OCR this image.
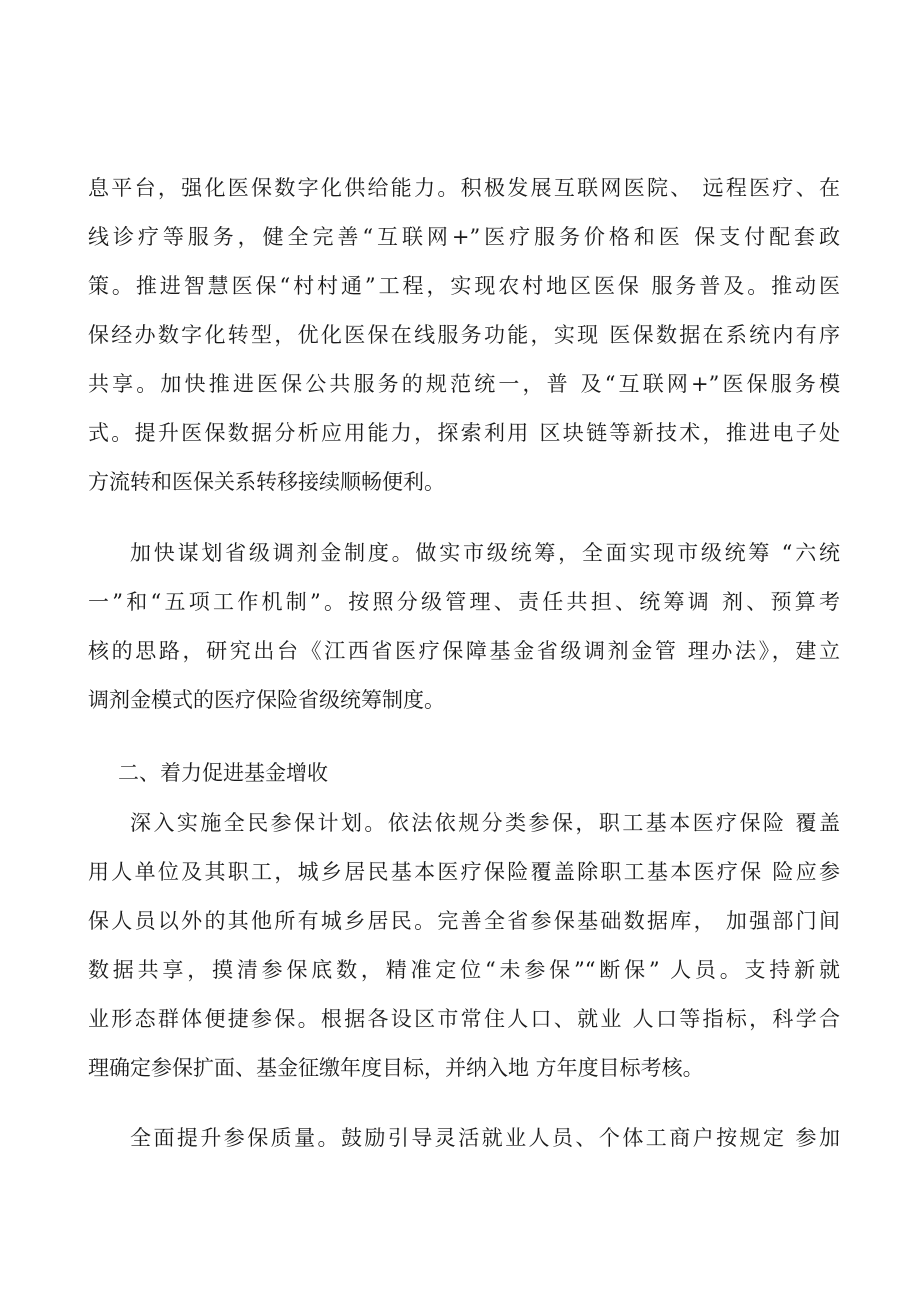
息平台，强化医保数字化供给能力。积极发展互联网医院、 远程医疗、在
线诊疗等服务，健全完善“互联网+”医疗服务价格和医 保支付配套政
策。推进智慧医保“村村通”工程，实现农村地区医保 服务普及。推动医
保经办数字化转型，优化医保在线服务功能，实现 医保数据在系统内有序
共享。加快推进医保公共服务的规范统一，普 及“互联网+”医保服务模
式。提升医保数据分析应用能力，探索利用 区块链等新技术，推进电子处
方流转和医保关系转移接续顺畅便利。
加快谋划省级调剂金制度。做实市级统筹，全面实现市级统筹 “六统
一”和“五项工作机制”。按照分级管理、责任共担、统筹调 剂、预算考
核的思路，研究出台《江西省医疗保障基金省级调剂金管 理办法》，建立
调剂金模式的医疗保险省级统筹制度。
二、着力促进基金增收
深入实施全民参保计划。依法依规分类参保，职工基本医疗保险 覆盖
用人单位及其职工，城乡居民基本医疗保险覆盖除职工基本医疗保 险应参
保人员以外的其他所有城乡居民。完善全省参保基础数据库， 加强部门间
数据共享，摸清参保底数，精准定位“未参保”“断保” 人员。支持新就
业形态群体便捷参保。根据各设区市常住人口、就业 人口等指标，科学合
理确定参保扩面、基金征缴年度目标，并纳入地 方年度目标考核。
全面提升参保质量。鼓励引导灵活就业人员、个体工商户按规定 参加
